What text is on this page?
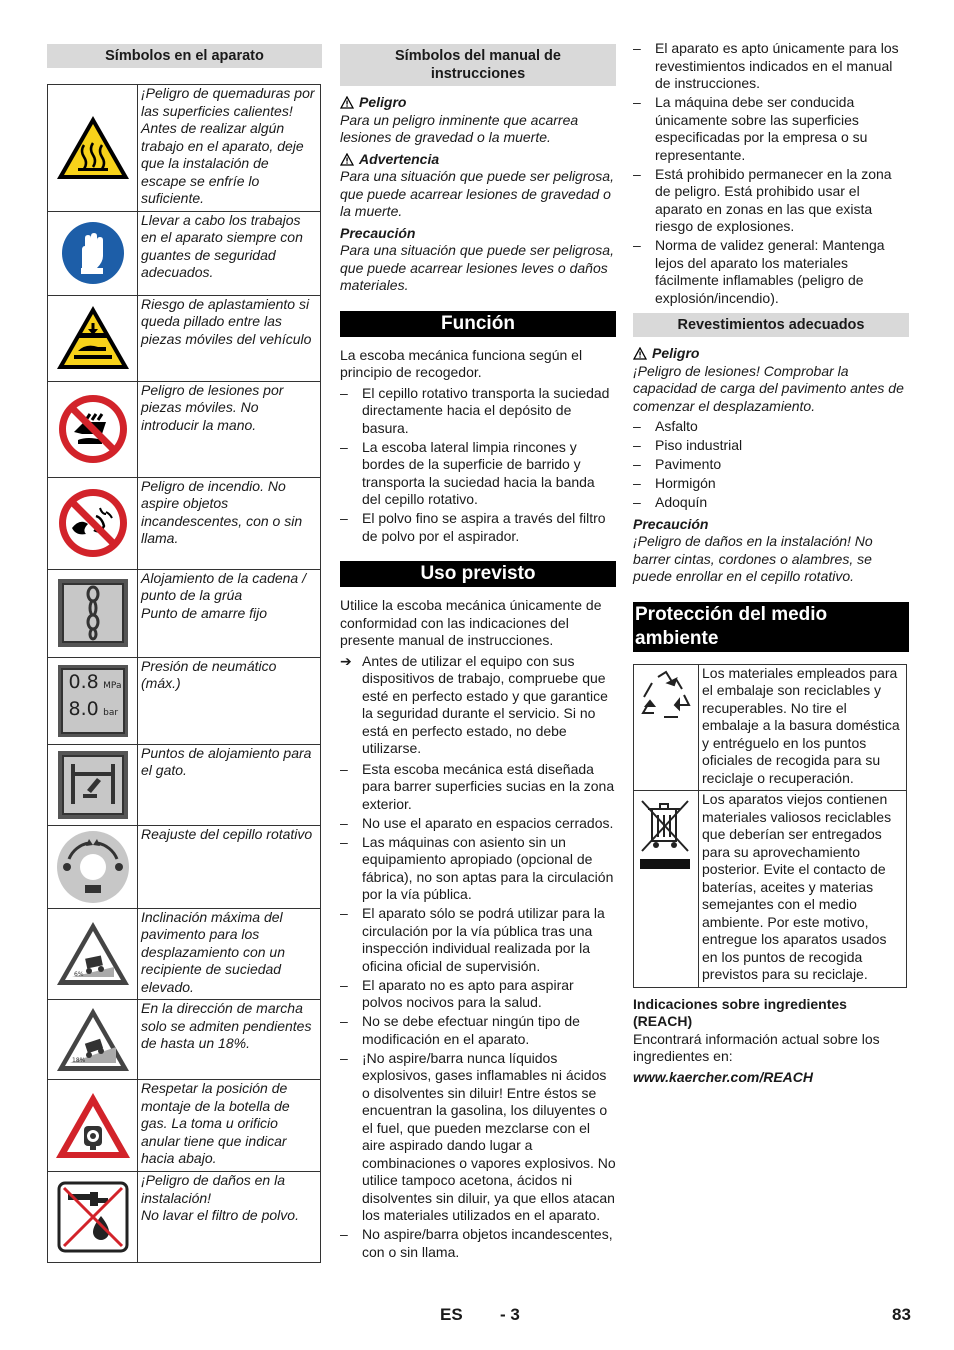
Símbolos en el aparato
	¡Peligro de quemaduras por las superficies calientes! Antes de realizar algún trabajo en el aparato, deje que la instalación de escape se enfríe lo suficiente.

	Llevar a cabo los trabajos en el aparato siempre con guantes de seguridad adecuados.

	Riesgo de aplastamiento si queda pillado entre las piezas móviles del vehículo

	Peligro de lesiones por piezas móviles. No introducir la mano.

	Peligro de incendio. No aspire objetos incandescentes, con o sin llama.

	Alojamiento de la cadena / punto de la grúa
Punto de amarre fijo

0.8 MPa
8.0 bar	Presión de neumático (máx.)

	Puntos de alojamiento para el gato.

	Reajuste del cepillo rotativo

6%	Inclinación máxima del pavimento para los desplazamiento con un recipiente de suciedad elevado.

18%	En la dirección de marcha solo se admiten pendientes de hasta un 18%.

	Respetar la posición de montaje de la botella de gas. La toma u orificio anular tiene que indicar hacia abajo.

	¡Peligro de daños en la instalación!
No lavar el filtro de polvo.
Símbolos del manual de instrucciones
Peligro

Para un peligro inminente que acarrea lesiones de gravedad o la muerte.

Advertencia

Para una situación que puede ser peligrosa, que puede acarrear lesiones de gravedad o la muerte.

Precaución

Para una situación que puede ser peligrosa, que puede acarrear lesiones leves o daños materiales.

Función

La escoba mecánica funciona según el principio de recogedor.

– El cepillo rotativo transporta la suciedad directamente hacia el depósito de basura.
– La escoba lateral limpia rincones y bordes de la superficie de barrido y transporta la suciedad hacia la banda del cepillo rotativo.
– El polvo fino se aspira a través del filtro de polvo por el aspirador.
Uso previsto

Utilice la escoba mecánica únicamente de conformidad con las indicaciones del presente manual de instrucciones.

➔ Antes de utilizar el equipo con sus dispositivos de trabajo, compruebe que esté en perfecto estado y que garantice la seguridad durante el servicio. Si no está en perfecto estado, no debe utilizarse.
– Esta escoba mecánica está diseñada para barrer superficies sucias en la zona exterior.
– No use el aparato en espacios cerrados.
– Las máquinas con asiento sin un equipamiento apropiado (opcional de fábrica), no son aptas para la circulación por la vía pública.
– El aparato sólo se podrá utilizar para la circulación por la vía pública tras una inspección individual realizada por la oficina oficial de supervisión.
– El aparato no es apto para aspirar polvos nocivos para la salud.
– No se debe efectuar ningún tipo de modificación en el aparato.
– ¡No aspire/barra nunca líquidos explosivos, gases inflamables ni ácidos o disolventes sin diluir! Entre éstos se encuentran la gasolina, los diluyentes o el fuel, que pueden mezclarse con el aire aspirado dando lugar a combinaciones o vapores explosivos. No utilice tampoco acetona, ácidos ni disolventes sin diluir, ya que ellos atacan los materiales utilizados en el aparato.
– No aspire/barra objetos incandescentes, con o sin llama.
– El aparato es apto únicamente para los revestimientos indicados en el manual de instrucciones.
– La máquina debe ser conducida únicamente sobre las superficies especificadas por la empresa o su representante.
– Está prohibido permanecer en la zona de peligro. Está prohibido usar el aparato en zonas en las que exista riesgo de explosiones.
– Norma de validez general: Mantenga lejos del aparato los materiales fácilmente inflamables (peligro de explosión/incendio).
Revestimientos adecuados
Peligro

¡Peligro de lesiones! Comprobar la capacidad de carga del pavimento antes de comenzar el desplazamiento.

– Asfalto
– Piso industrial
– Pavimento
– Hormigón
– Adoquín
Precaución

¡Peligro de daños en la instalación! No barrer cintas, cordones o alambres, se puede enrollar en el cepillo rotativo.

Protección del medio ambiente
	Los materiales empleados para el embalaje son reciclables y recuperables. No tire el embalaje a la basura doméstica y entréguelo en los puntos oficiales de recogida para su reciclaje o recuperación.
	Los aparatos viejos contienen materiales valiosos reciclables que deberían ser entregados para su aprovechamiento posterior. Evite el contacto de baterías, aceites y materias semejantes con el medio ambiente. Por este motivo, entregue los aparatos usados en los puntos de recogida previstos para su reciclaje.
Indicaciones sobre ingredientes (REACH)

Encontrará información actual sobre los ingredientes en:

www.kaercher.com/REACH
ES - 3	83
